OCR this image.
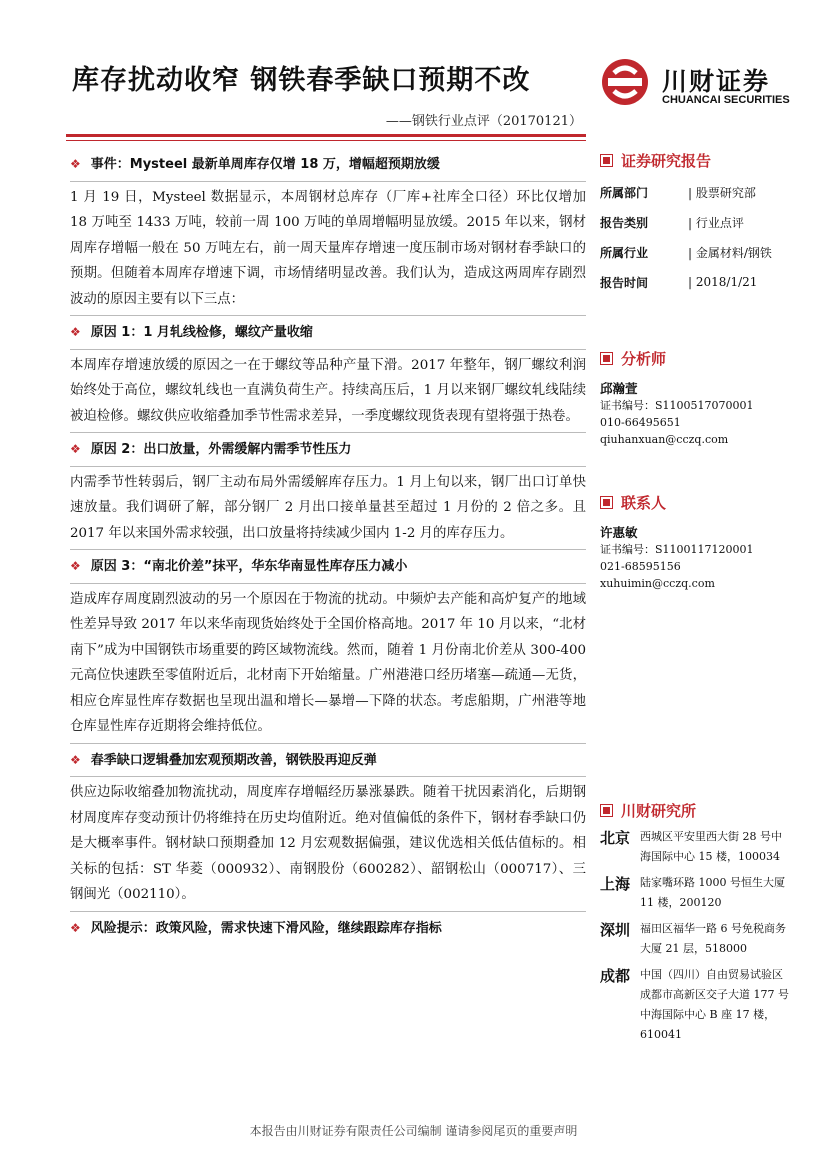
库存扰动收窄 钢铁春季缺口预期不改
——钢铁行业点评（20170121）
川财证券
CHUANCAI SECURITIES
❖ 事件：Mysteel 最新单周库存仅增 18 万，增幅超预期放缓

1 月 19 日，Mysteel 数据显示，本周钢材总库存（厂库+社库全口径）环比仅增加 18 万吨至 1433 万吨，较前一周 100 万吨的单周增幅明显放缓。2015 年以来，钢材周库存增幅一般在 50 万吨左右，前一周天量库存增速一度压制市场对钢材春季缺口的预期。但随着本周库存增速下调，市场情绪明显改善。我们认为，造成这两周库存剧烈波动的原因主要有以下三点：

❖ 原因 1：1 月轧线检修，螺纹产量收缩

本周库存增速放缓的原因之一在于螺纹等品种产量下滑。2017 年整年，钢厂螺纹利润始终处于高位，螺纹轧线也一直满负荷生产。持续高压后，1 月以来钢厂螺纹轧线陆续被迫检修。螺纹供应收缩叠加季节性需求差异，一季度螺纹现货表现有望将强于热卷。

❖ 原因 2：出口放量，外需缓解内需季节性压力

内需季节性转弱后，钢厂主动布局外需缓解库存压力。1 月上旬以来，钢厂出口订单快速放量。我们调研了解，部分钢厂 2 月出口接单量甚至超过 1 月份的 2 倍之多。且 2017 年以来国外需求较强，出口放量将持续减少国内 1-2 月的库存压力。

❖ 原因 3：“南北价差”抹平，华东华南显性库存压力减小

造成库存周度剧烈波动的另一个原因在于物流的扰动。中频炉去产能和高炉复产的地域性差异导致 2017 年以来华南现货始终处于全国价格高地。2017 年 10 月以来，“北材南下”成为中国钢铁市场重要的跨区域物流线。然而，随着 1 月份南北价差从 300-400 元高位快速跌至零值附近后，北材南下开始缩量。广州港港口经历堵塞—疏通—无货，相应仓库显性库存数据也呈现出温和增长—暴增—下降的状态。考虑船期，广州港等地仓库显性库存近期将会维持低位。

❖ 春季缺口逻辑叠加宏观预期改善，钢铁股再迎反弹

供应边际收缩叠加物流扰动，周度库存增幅经历暴涨暴跌。随着干扰因素消化，后期钢材周度库存变动预计仍将维持在历史均值附近。绝对值偏低的条件下，钢材春季缺口仍是大概率事件。钢材缺口预期叠加 12 月宏观数据偏强，建议优选相关低估值标的。相关标的包括：ST 华菱（000932）、南钢股份（600282）、韶钢松山（000717）、三钢闽光（002110）。

❖ 风险提示：政策风险，需求快速下滑风险，继续跟踪库存指标
证券研究报告
所属部门	| 股票研究部
报告类别	| 行业点评
所属行业	| 金属材料/钢铁
报告时间	| 2018/1/21
分析师
邱瀚萱
证书编号：S1100517070001
010-66495651
qiuhanxuan@cczq.com
联系人
许惠敏
证书编号：S1100117120001
021-68595156
xuhuimin@cczq.com
川财研究所
北京 西城区平安里西大街 28 号中海国际中心 15 楼，100034
上海 陆家嘴环路 1000 号恒生大厦 11 楼，200120
深圳 福田区福华一路 6 号免税商务大厦 21 层，518000
成都 中国（四川）自由贸易试验区成都市高新区交子大道 177 号中海国际中心 B 座 17 楼，610041
本报告由川财证券有限责任公司编制 谨请参阅尾页的重要声明
